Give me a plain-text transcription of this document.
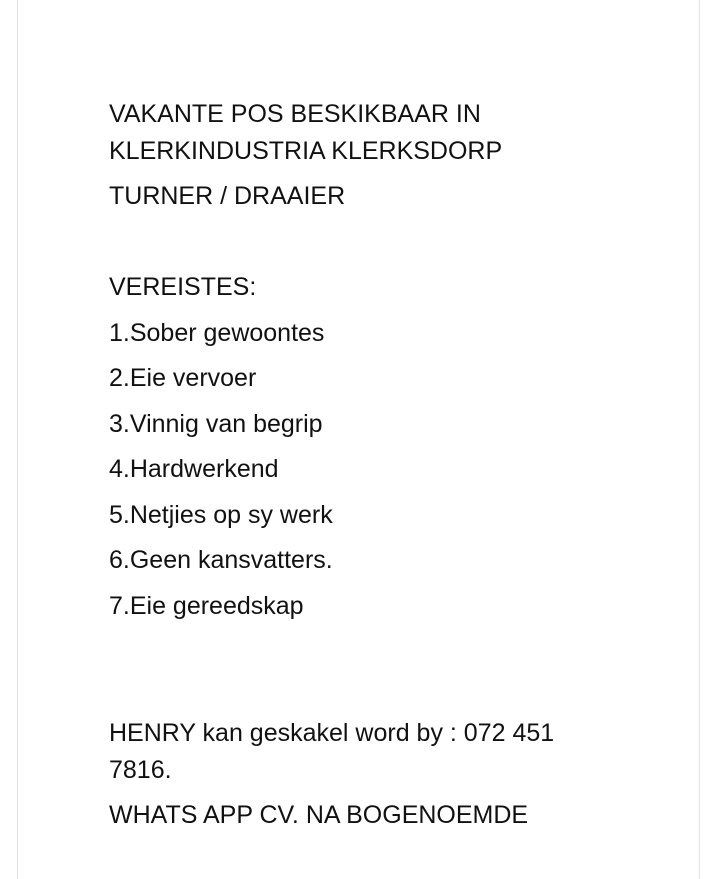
VAKANTE POS BESKIKBAAR IN KLERKINDUSTRIA KLERKSDORP

TURNER / DRAAIER

VEREISTES:

1.Sober gewoontes
2.Eie vervoer
3.Vinnig van begrip
4.Hardwerkend
5.Netjies op sy werk
6.Geen kansvatters.
7.Eie gereedskap

HENRY kan geskakel word by : 072 451 7816.

WHATS APP CV. NA BOGENOEMDE
